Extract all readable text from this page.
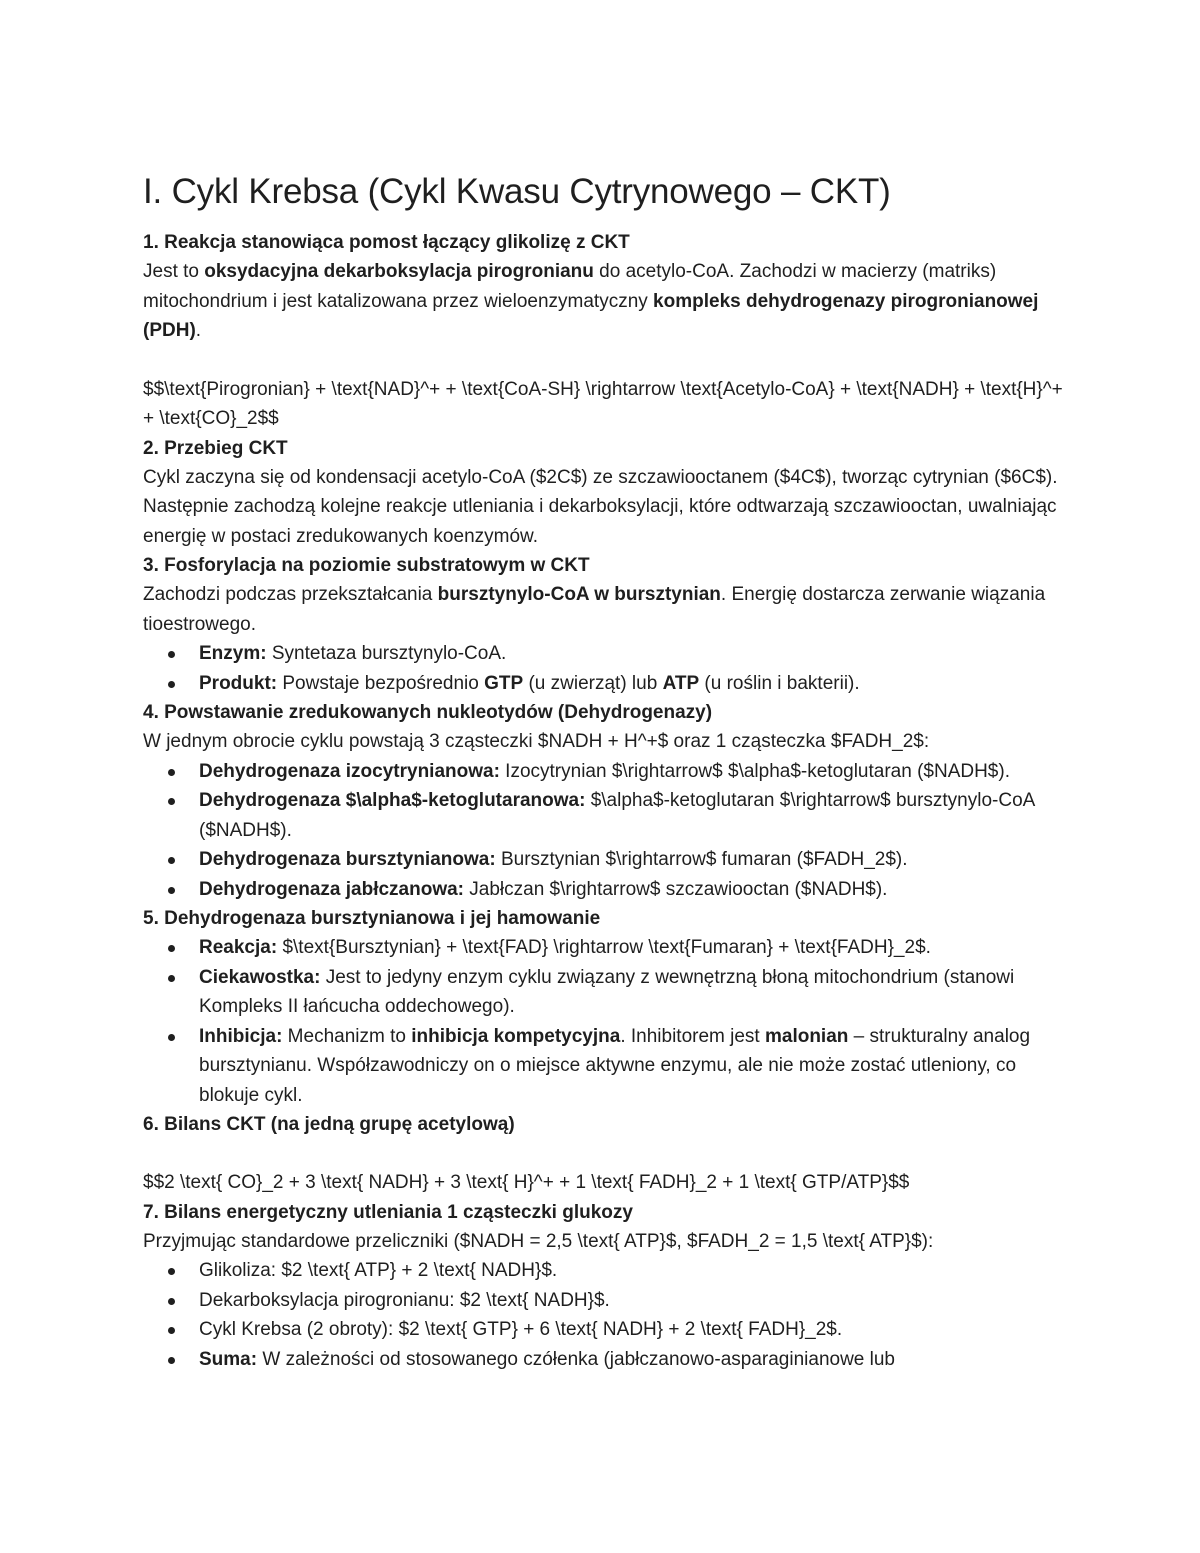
I. Cykl Krebsa (Cykl Kwasu Cytrynowego – CKT)
1. Reakcja stanowiąca pomost łączący glikolizę z CKT

Jest to oksydacyjna dekarboksylacja pirogronianu do acetylo-CoA. Zachodzi w macierzy (matriks) mitochondrium i jest katalizowana przez wieloenzymatyczny kompleks dehydrogenazy pirogronianowej (PDH).

$$\text{Pirogronian} + \text{NAD}^+ + \text{CoA-SH} \rightarrow \text{Acetylo-CoA} + \text{NADH} + \text{H}^+ + \text{CO}_2$$

2. Przebieg CKT

Cykl zaczyna się od kondensacji acetylo-CoA ($2C$) ze szczawiooctanem ($4C$), tworząc cytrynian ($6C$). Następnie zachodzą kolejne reakcje utleniania i dekarboksylacji, które odtwarzają szczawiooctan, uwalniając energię w postaci zredukowanych koenzymów.

3. Fosforylacja na poziomie substratowym w CKT

Zachodzi podczas przekształcania bursztynylo-CoA w bursztynian. Energię dostarcza zerwanie wiązania tioestrowego.

Enzym: Syntetaza bursztynylo-CoA.
Produkt: Powstaje bezpośrednio GTP (u zwierząt) lub ATP (u roślin i bakterii).
4. Powstawanie zredukowanych nukleotydów (Dehydrogenazy)

W jednym obrocie cyklu powstają 3 cząsteczki $NADH + H^+$ oraz 1 cząsteczka $FADH_2$:

Dehydrogenaza izocytrynianowa: Izocytrynian $\rightarrow$ $\alpha$-ketoglutaran ($NADH$).
Dehydrogenaza $\alpha$-ketoglutaranowa: $\alpha$-ketoglutaran $\rightarrow$ bursztynylo-CoA ($NADH$).
Dehydrogenaza bursztynianowa: Bursztynian $\rightarrow$ fumaran ($FADH_2$).
Dehydrogenaza jabłczanowa: Jabłczan $\rightarrow$ szczawiooctan ($NADH$).
5. Dehydrogenaza bursztynianowa i jej hamowanie
Reakcja: $\text{Bursztynian} + \text{FAD} \rightarrow \text{Fumaran} + \text{FADH}_2$.
Ciekawostka: Jest to jedyny enzym cyklu związany z wewnętrzną błoną mitochondrium (stanowi Kompleks II łańcucha oddechowego).
Inhibicja: Mechanizm to inhibicja kompetycyjna. Inhibitorem jest malonian – strukturalny analog bursztynianu. Współzawodniczy on o miejsce aktywne enzymu, ale nie może zostać utleniony, co blokuje cykl.
6. Bilans CKT (na jedną grupę acetylową)

$$2 \text{ CO}_2 + 3 \text{ NADH} + 3 \text{ H}^+ + 1 \text{ FADH}_2 + 1 \text{ GTP/ATP}$$

7. Bilans energetyczny utleniania 1 cząsteczki glukozy

Przyjmując standardowe przeliczniki ($NADH = 2,5 \text{ ATP}$, $FADH_2 = 1,5 \text{ ATP}$):

Glikoliza: $2 \text{ ATP} + 2 \text{ NADH}$.
Dekarboksylacja pirogronianu: $2 \text{ NADH}$.
Cykl Krebsa (2 obroty): $2 \text{ GTP} + 6 \text{ NADH} + 2 \text{ FADH}_2$.
Suma: W zależności od stosowanego czółenka (jabłczanowo-asparaginianowe lub
